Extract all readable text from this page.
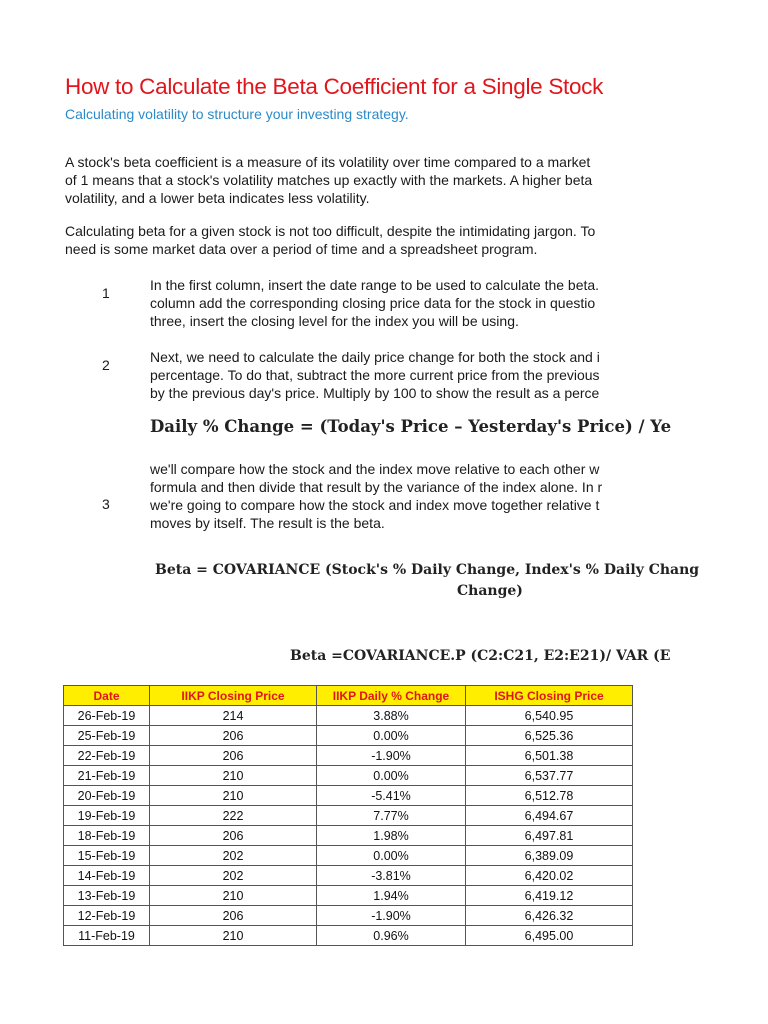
How to Calculate the Beta Coefficient for a Single Stock
Calculating volatility to structure your investing strategy.
A stock's beta coefficient is a measure of its volatility over time compared to a market
of 1 means that a stock's volatility matches up exactly with the markets. A higher beta
volatility, and a lower beta indicates less volatility.
Calculating beta for a given stock is not too difficult, despite the intimidating jargon. To
need is some market data over a period of time and a spreadsheet program.
1	In the first column, insert the date range to be used to calculate the beta.
column add the corresponding closing price data for the stock in questio
three, insert the closing level for the index you will be using.
2	Next, we need to calculate the daily price change for both the stock and i
percentage. To do that, subtract the more current price from the previous
by the previous day's price. Multiply by 100 to show the result as a perce
Daily % Change = (Today's Price – Yesterday's Price) / Ye
3
we'll compare how the stock and the index move relative to each other w
formula and then divide that result by the variance of the index alone. In r
we're going to compare how the stock and index move together relative t
moves by itself. The result is the beta.
Beta = COVARIANCE (Stock's % Daily Change, Index's % Daily Chang
Change)
Beta =COVARIANCE.P (C2:C21, E2:E21)/ VAR (E
Date	IIKP Closing Price	IIKP Daily % Change	ISHG Closing Price
26-Feb-19	214	3.88%	6,540.95
25-Feb-19	206	0.00%	6,525.36
22-Feb-19	206	-1.90%	6,501.38
21-Feb-19	210	0.00%	6,537.77
20-Feb-19	210	-5.41%	6,512.78
19-Feb-19	222	7.77%	6,494.67
18-Feb-19	206	1.98%	6,497.81
15-Feb-19	202	0.00%	6,389.09
14-Feb-19	202	-3.81%	6,420.02
13-Feb-19	210	1.94%	6,419.12
12-Feb-19	206	-1.90%	6,426.32
11-Feb-19	210	0.96%	6,495.00
